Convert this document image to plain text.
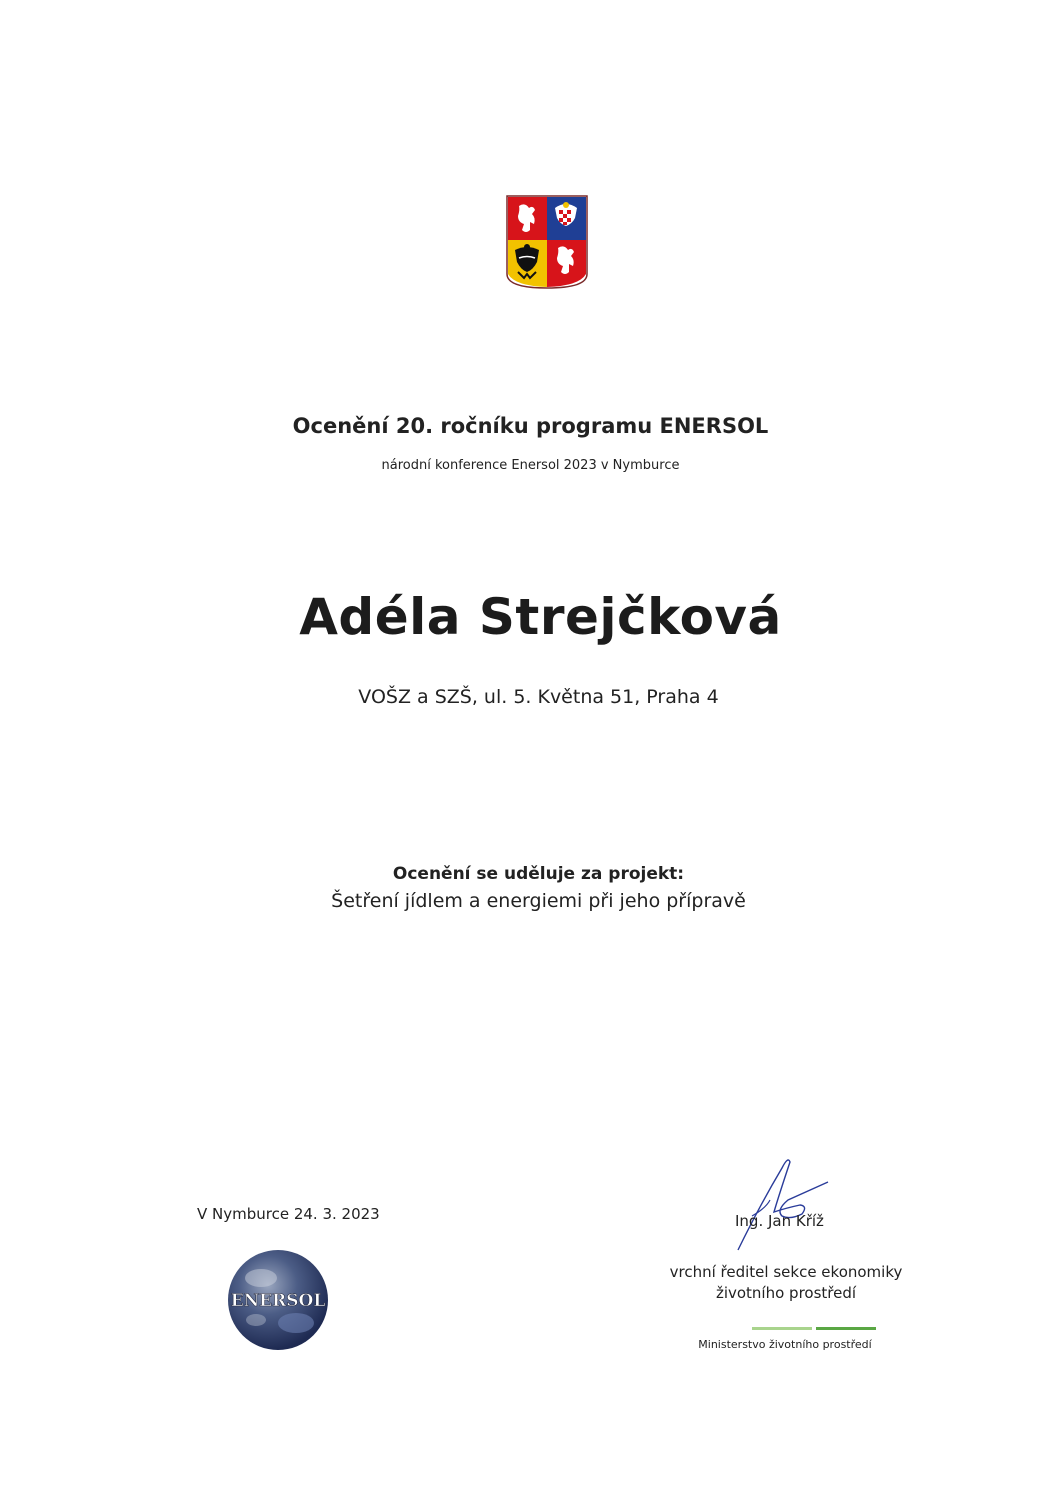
Ocenění 20. ročníku programu ENERSOL
národní konference Enersol 2023 v Nymburce
Adéla Strejčková
VOŠZ a SZŠ, ul. 5. Května 51, Praha 4
Ocenění se uděluje za projekt:
Šetření jídlem a energiemi při jeho přípravě
V Nymburce 24. 3. 2023
ENERSOL
Ing. Jan Kříž
vrchní ředitel sekce ekonomiky
životního prostředí
Ministerstvo životního prostředí
